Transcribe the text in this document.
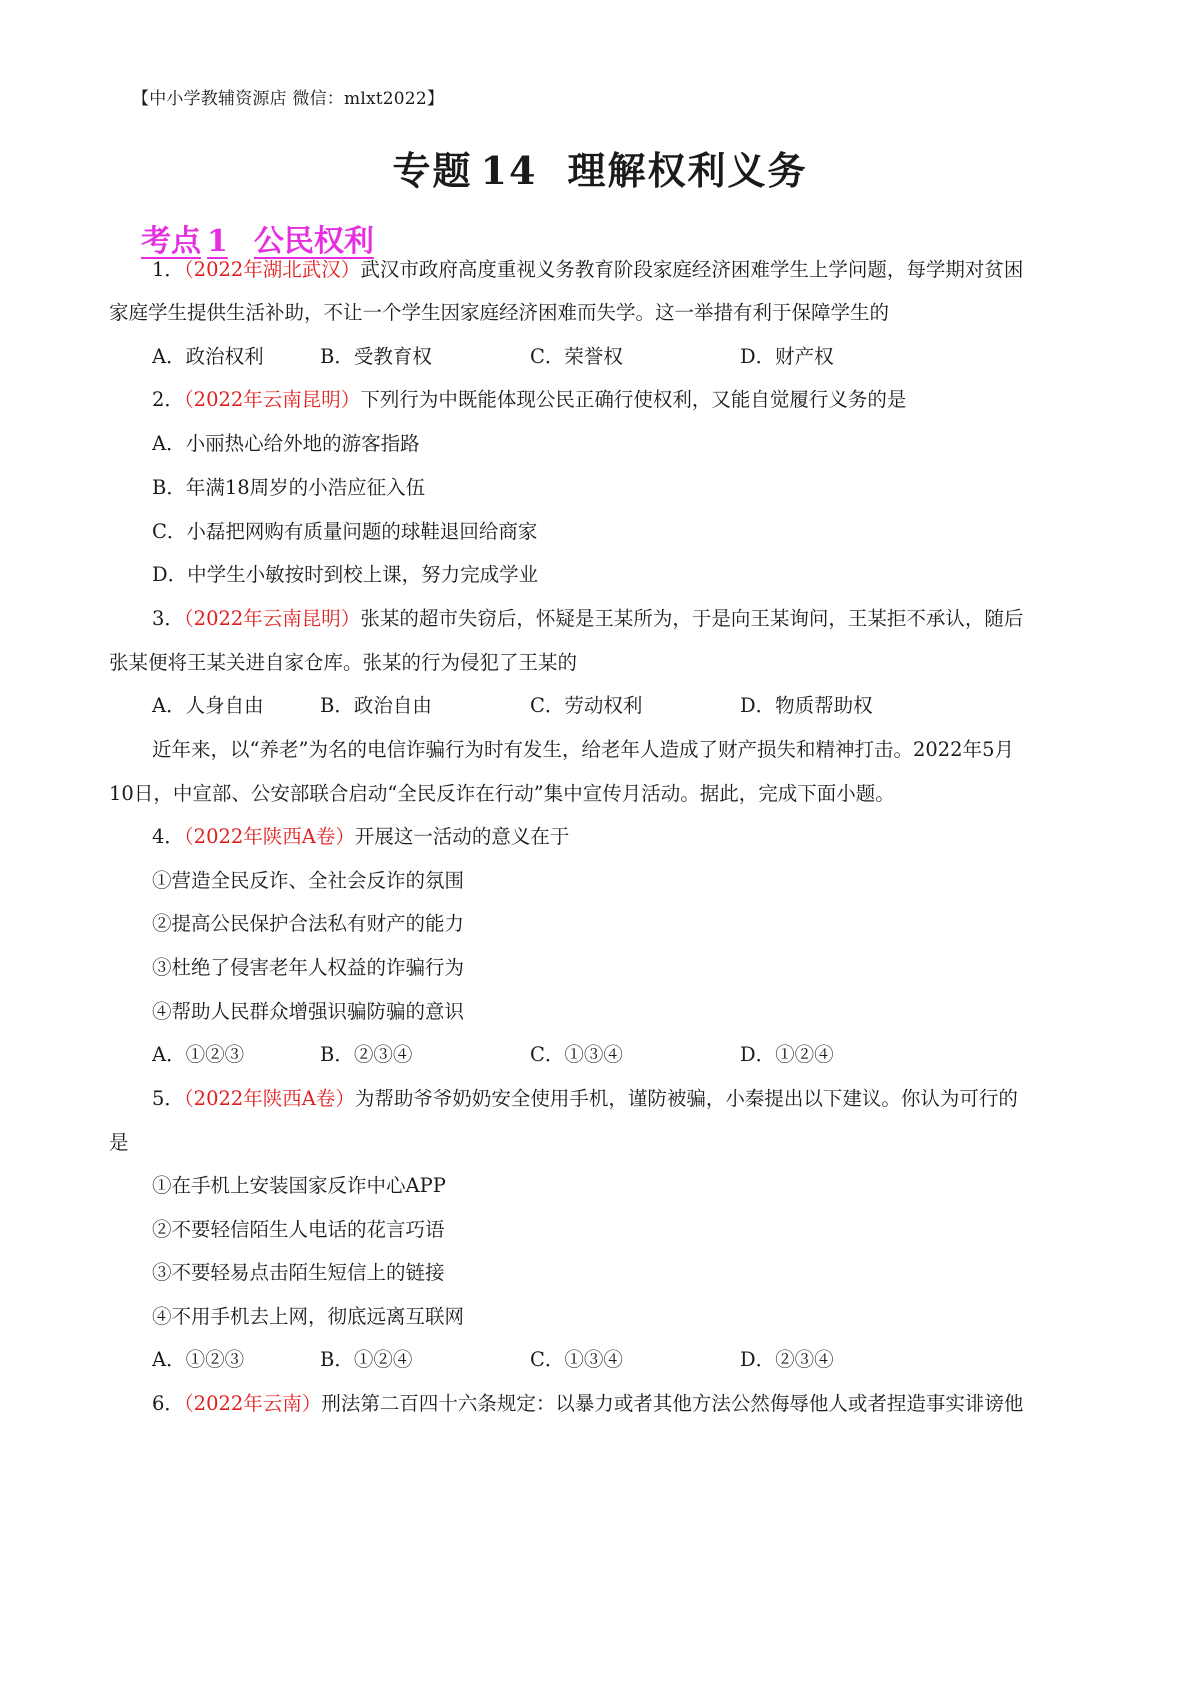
【中小学教辅资源店 微信：mlxt2022】
专题 14 理解权利义务
考点 1 公民权利
1．（2022年湖北武汉）武汉市政府高度重视义务教育阶段家庭经济困难学生上学问题，每学期对贫困
家庭学生提供生活补助，不让一个学生因家庭经济困难而失学。这一举措有利于保障学生的
A．政治权利	B．受教育权	C．荣誉权	D．财产权
2．（2022年云南昆明）下列行为中既能体现公民正确行使权利，又能自觉履行义务的是
A．小丽热心给外地的游客指路
B．年满18周岁的小浩应征入伍
C．小磊把网购有质量问题的球鞋退回给商家
D．中学生小敏按时到校上课，努力完成学业
3．（2022年云南昆明）张某的超市失窃后，怀疑是王某所为，于是向王某询问，王某拒不承认，随后
张某便将王某关进自家仓库。张某的行为侵犯了王某的
A．人身自由	B．政治自由	C．劳动权利	D．物质帮助权
近年来，以“养老”为名的电信诈骗行为时有发生，给老年人造成了财产损失和精神打击。2022年5月
10日，中宣部、公安部联合启动“全民反诈在行动”集中宣传月活动。据此，完成下面小题。
4．（2022年陕西A卷）开展这一活动的意义在于
①营造全民反诈、全社会反诈的氛围
②提高公民保护合法私有财产的能力
③杜绝了侵害老年人权益的诈骗行为
④帮助人民群众增强识骗防骗的意识
A．①②③	B．②③④	C．①③④	D．①②④
5．（2022年陕西A卷）为帮助爷爷奶奶安全使用手机，谨防被骗，小秦提出以下建议。你认为可行的
是
①在手机上安装国家反诈中心APP
②不要轻信陌生人电话的花言巧语
③不要轻易点击陌生短信上的链接
④不用手机去上网，彻底远离互联网
A．①②③	B．①②④	C．①③④	D．②③④
6．（2022年云南）刑法第二百四十六条规定：以暴力或者其他方法公然侮辱他人或者捏造事实诽谤他
